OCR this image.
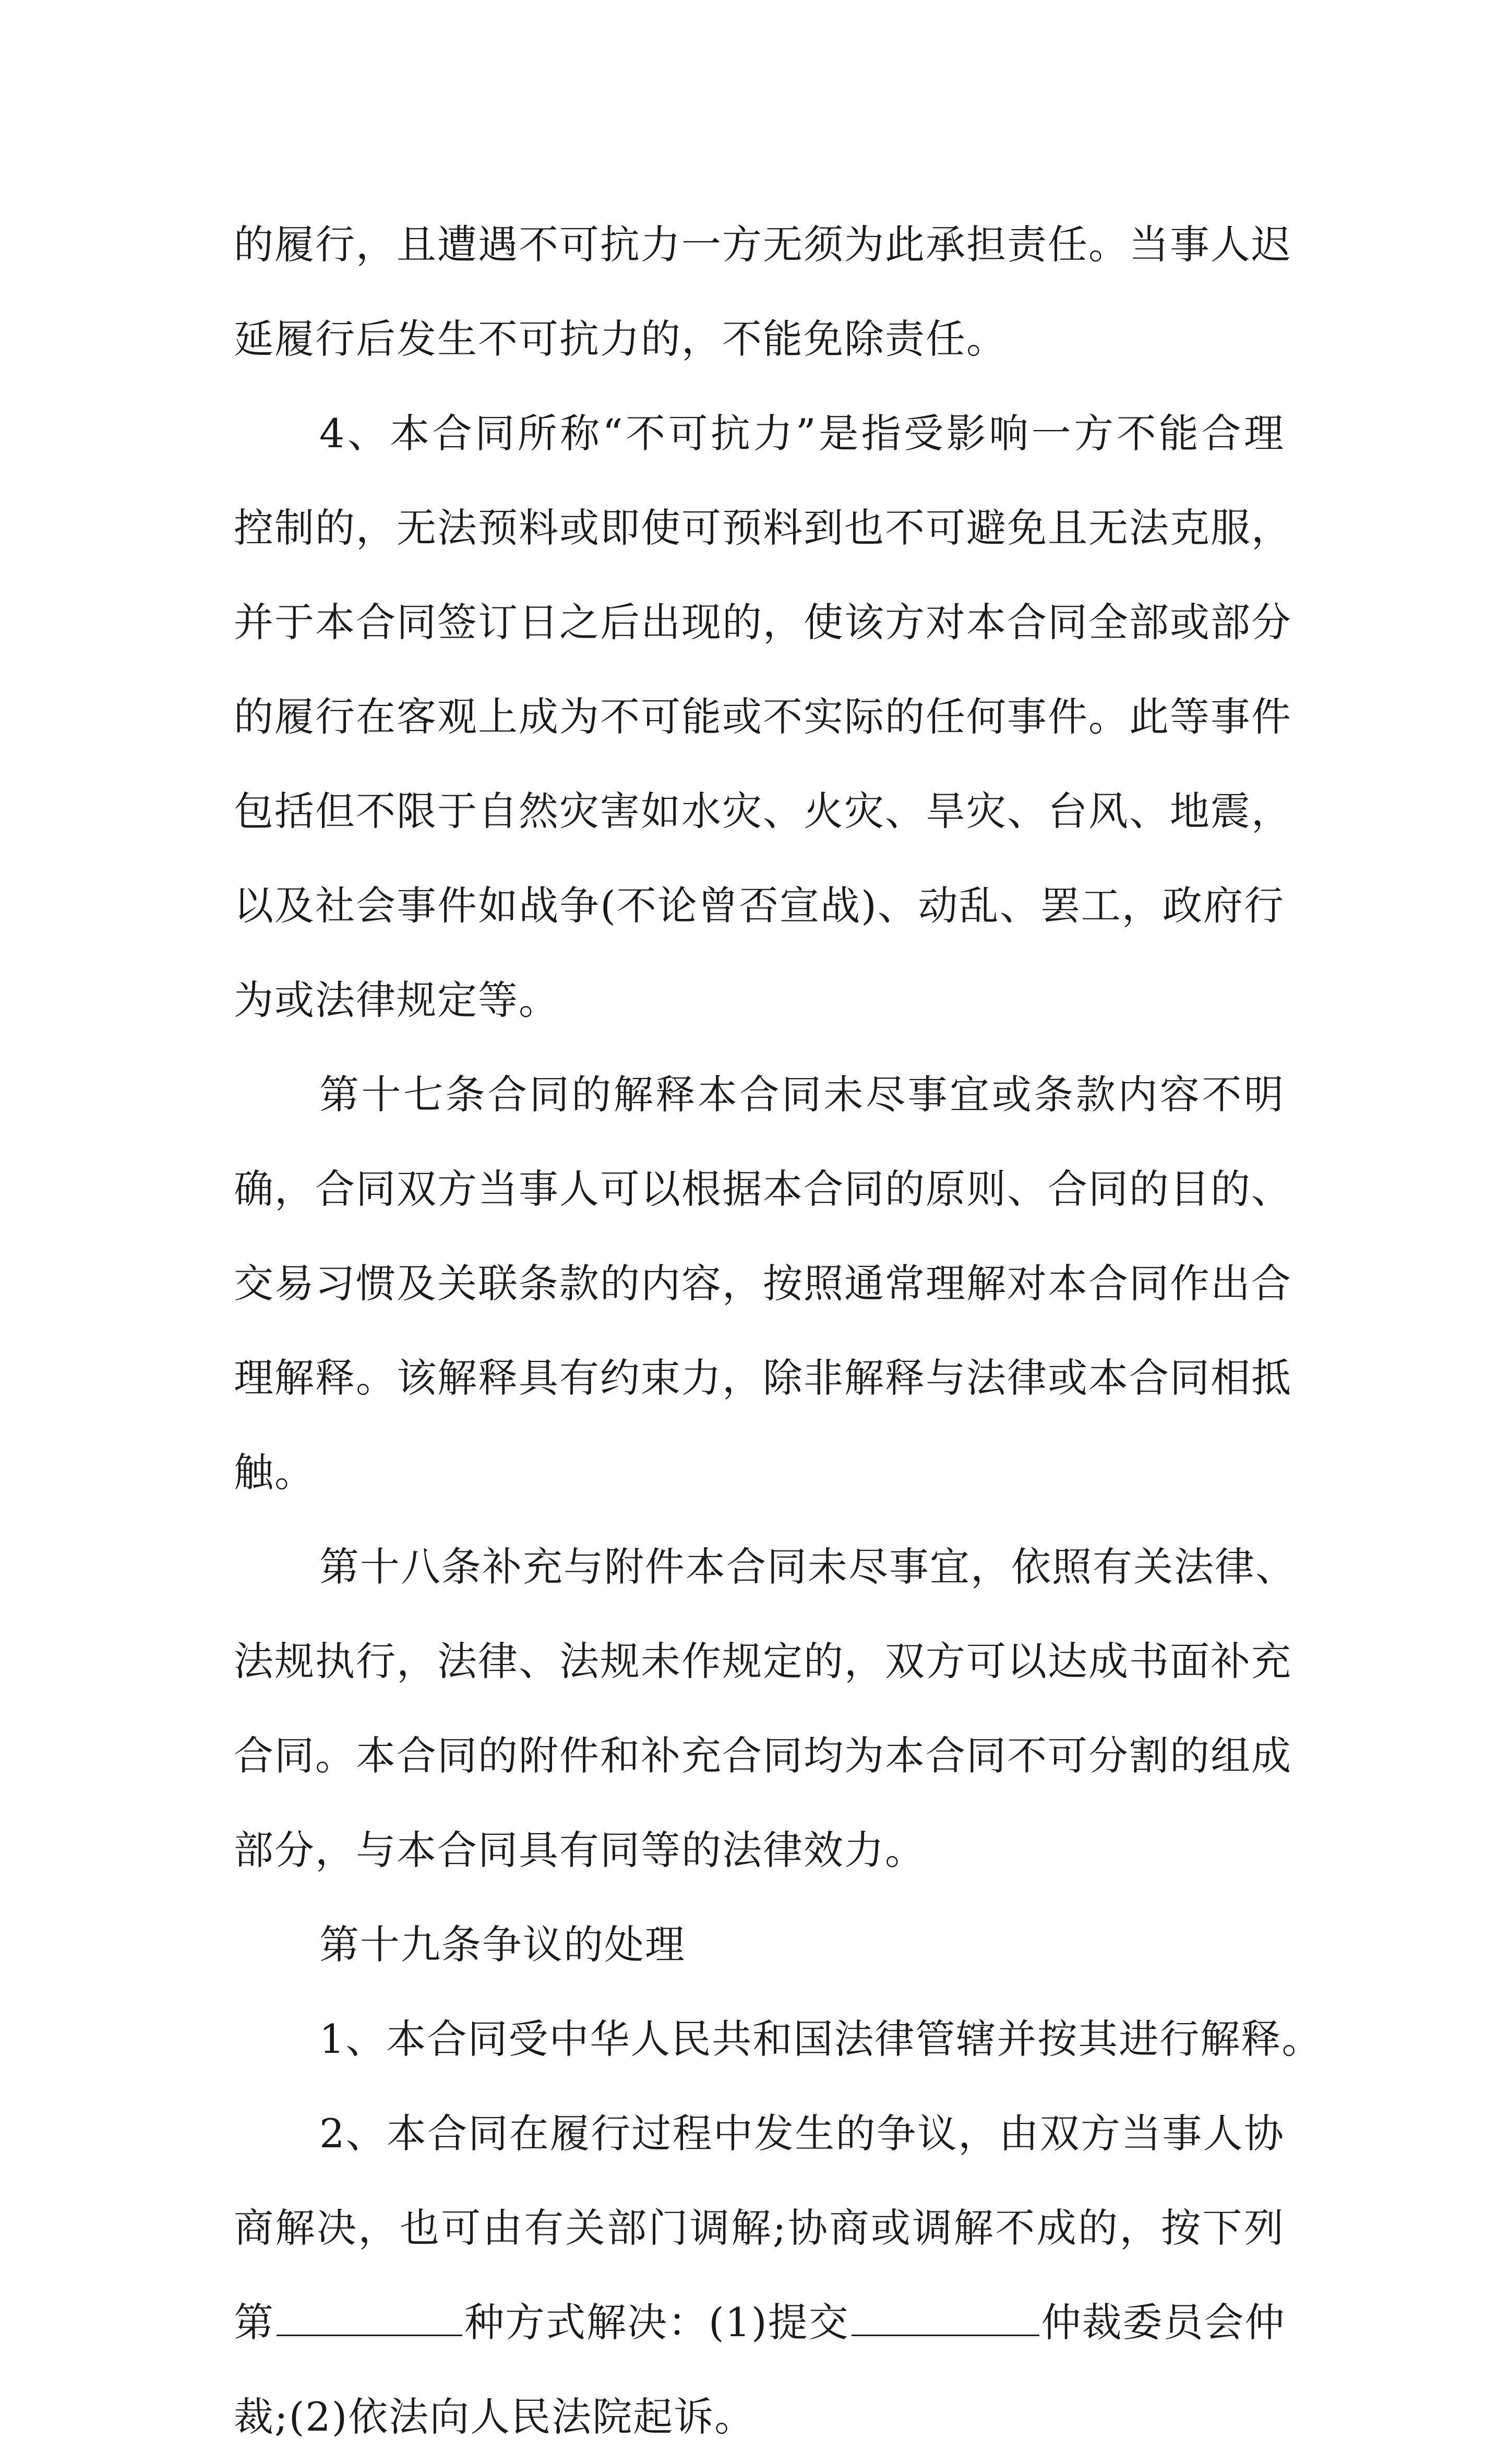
的履行，且遭遇不可抗力一方无须为此承担责任。当事人迟
延履行后发生不可抗力的，不能免除责任。
4、本合同所称“不可抗力”是指受影响一方不能合理
控制的，无法预料或即使可预料到也不可避免且无法克服，
并于本合同签订日之后出现的，使该方对本合同全部或部分
的履行在客观上成为不可能或不实际的任何事件。此等事件
包括但不限于自然灾害如水灾、火灾、旱灾、台风、地震，
以及社会事件如战争(不论曾否宣战)、动乱、罢工，政府行
为或法律规定等。
第十七条合同的解释本合同未尽事宜或条款内容不明
确，合同双方当事人可以根据本合同的原则、合同的目的、
交易习惯及关联条款的内容，按照通常理解对本合同作出合
理解释。该解释具有约束力，除非解释与法律或本合同相抵
触。
第十八条补充与附件本合同未尽事宜，依照有关法律、
法规执行，法律、法规未作规定的，双方可以达成书面补充
合同。本合同的附件和补充合同均为本合同不可分割的组成
部分，与本合同具有同等的法律效力。
第十九条争议的处理
1、本合同受中华人民共和国法律管辖并按其进行解释。
2、本合同在履行过程中发生的争议，由双方当事人协
商解决，也可由有关部门调解;协商或调解不成的，按下列
第	种方式解决：(1)提交	仲裁委员会仲
裁;(2)依法向人民法院起诉。
